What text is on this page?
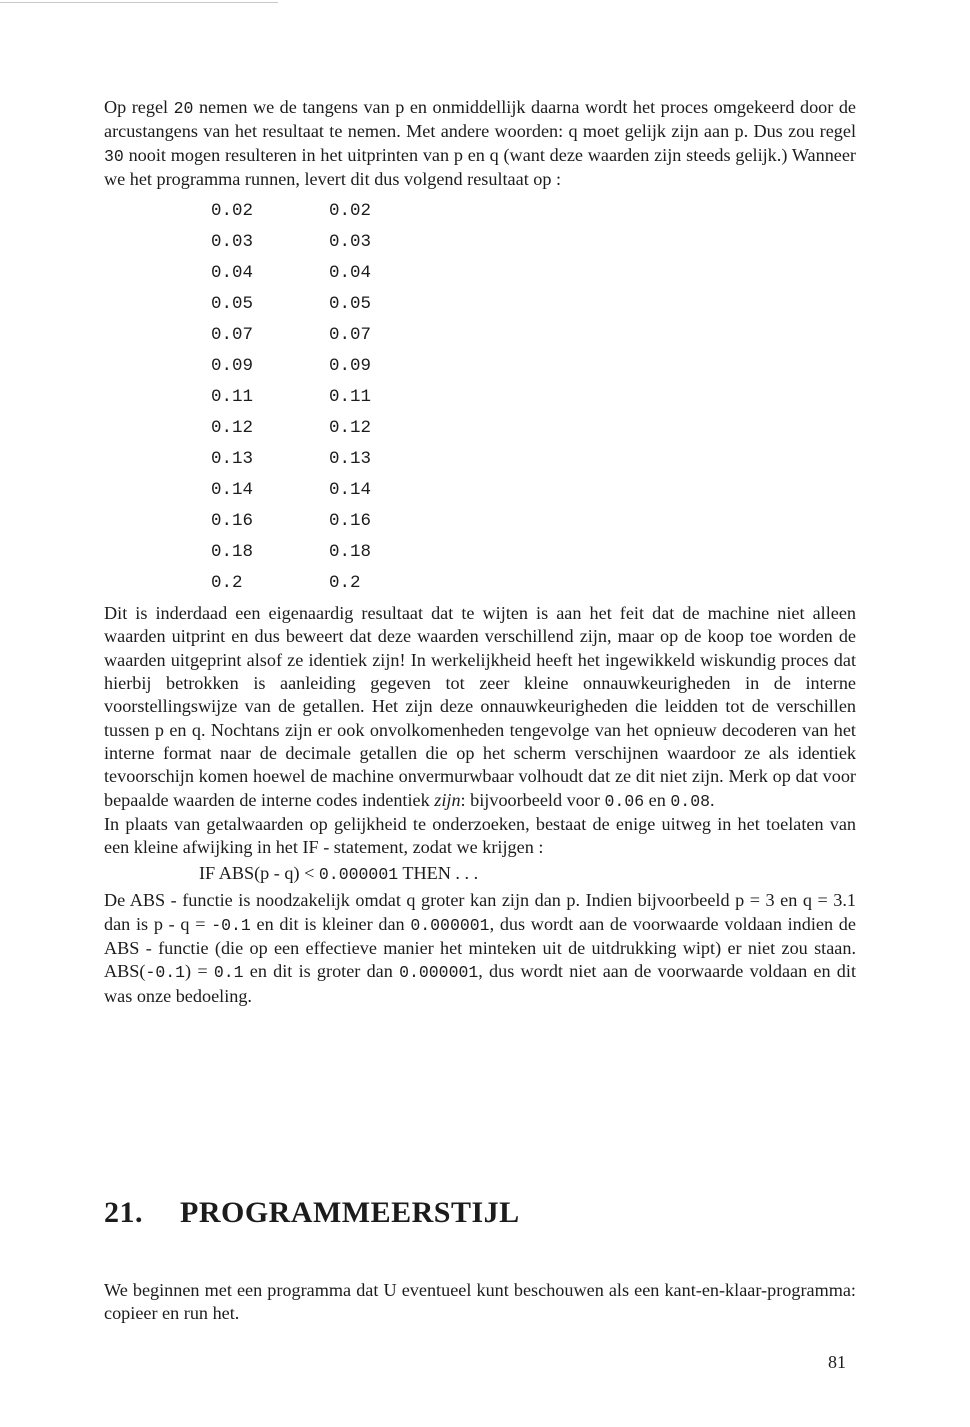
Op regel 20 nemen we de tangens van p en onmiddellijk daarna wordt het proces omgekeerd door de arcustangens van het resultaat te nemen. Met andere woorden: q moet gelijk zijn aan p. Dus zou regel 30 nooit mogen resulteren in het uitprinten van p en q (want deze waarden zijn steeds gelijk.) Wanneer we het programma runnen, levert dit dus volgend resultaat op :

0.02	0.02
0.03	0.03
0.04	0.04
0.05	0.05
0.07	0.07
0.09	0.09
0.11	0.11
0.12	0.12
0.13	0.13
0.14	0.14
0.16	0.16
0.18	0.18
0.2	0.2

Dit is inderdaad een eigenaardig resultaat dat te wijten is aan het feit dat de machine niet alleen waarden uitprint en dus beweert dat deze waarden verschillend zijn, maar op de koop toe worden de waarden uitgeprint alsof ze identiek zijn! In werkelijkheid heeft het ingewikkeld wiskundig proces dat hierbij betrokken is aanleiding gegeven tot zeer kleine onnauwkeurigheden in de interne voorstellingswijze van de getallen. Het zijn deze onnauwkeurigheden die leidden tot de verschillen tussen p en q. Nochtans zijn er ook onvolkomenheden tengevolge van het opnieuw decoderen van het interne format naar de decimale getallen die op het scherm verschijnen waardoor ze als identiek tevoorschijn komen hoewel de machine onvermurwbaar volhoudt dat ze dit niet zijn. Merk op dat voor bepaalde waarden de interne codes indentiek zijn: bijvoorbeeld voor 0.06 en 0.08.

In plaats van getalwaarden op gelijkheid te onderzoeken, bestaat de enige uitweg in het toelaten van een kleine afwijking in het IF - statement, zodat we krijgen :

IF ABS(p - q) < 0.000001 THEN . . .

De ABS - functie is noodzakelijk omdat q groter kan zijn dan p. Indien bijvoorbeeld p = 3 en q = 3.1 dan is p - q = -0.1 en dit is kleiner dan 0.000001, dus wordt aan de voorwaarde voldaan indien de ABS - functie (die op een effectieve manier het minteken uit de uitdrukking wipt) er niet zou staan. ABS(-0.1) = 0.1 en dit is groter dan 0.000001, dus wordt niet aan de voorwaarde voldaan en dit was onze bedoeling.

21. PROGRAMMEERSTIJL

We beginnen met een programma dat U eventueel kunt beschouwen als een kant-en-klaar-programma: copieer en run het.

81
